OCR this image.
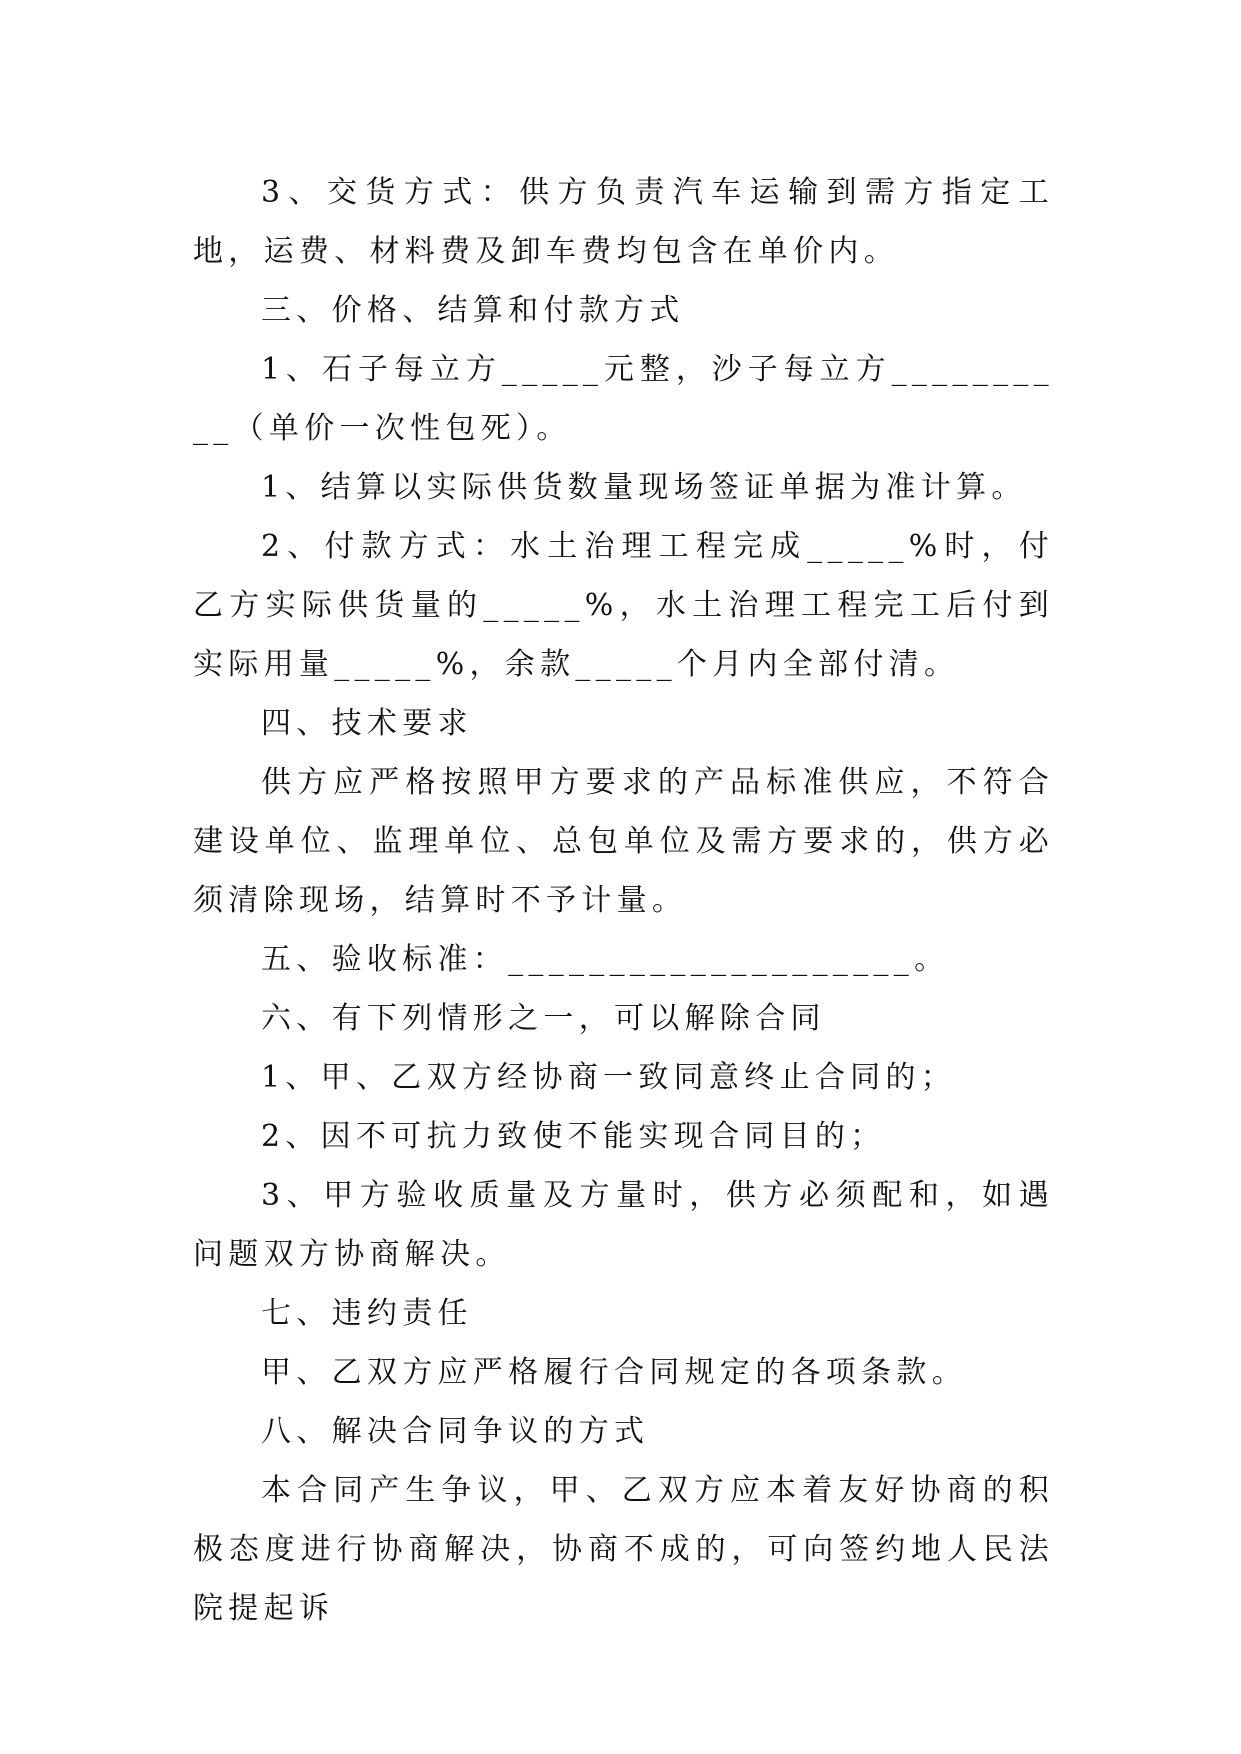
3、交货方式：供方负责汽车运输到需方指定工地，运费、材料费及卸车费均包含在单价内。

三、价格、结算和付款方式

1、石子每立方_____元整，沙子每立方__________（单价一次性包死）。

1、结算以实际供货数量现场签证单据为准计算。

2、付款方式：水土治理工程完成_____%时，付乙方实际供货量的_____%，水土治理工程完工后付到实际用量_____%，余款_____个月内全部付清。

四、技术要求

供方应严格按照甲方要求的产品标准供应，不符合建设单位、监理单位、总包单位及需方要求的，供方必须清除现场，结算时不予计量。

五、验收标准：____________________。

六、有下列情形之一，可以解除合同

1、甲、乙双方经协商一致同意终止合同的；

2、因不可抗力致使不能实现合同目的；

3、甲方验收质量及方量时，供方必须配和，如遇问题双方协商解决。

七、违约责任

甲、乙双方应严格履行合同规定的各项条款。

八、解决合同争议的方式

本合同产生争议，甲、乙双方应本着友好协商的积极态度进行协商解决，协商不成的，可向签约地人民法院提起诉
